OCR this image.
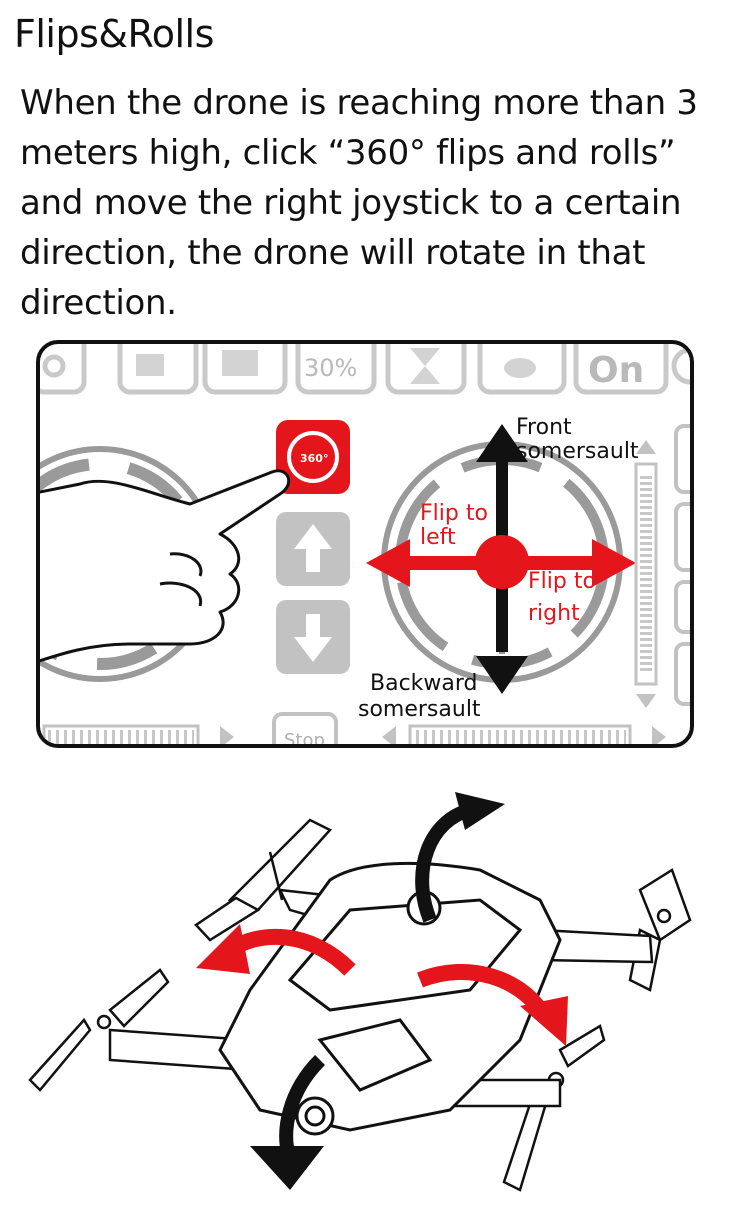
Flips&Rolls
When the drone is reaching more than 3 meters high, click “360° flips and rolls” and move the right joystick to a certain direction, the drone will rotate in that direction.
30%	On
Front
somersault
Flip to
left
Flip to
right
Backward
somersault
360°
Stop
